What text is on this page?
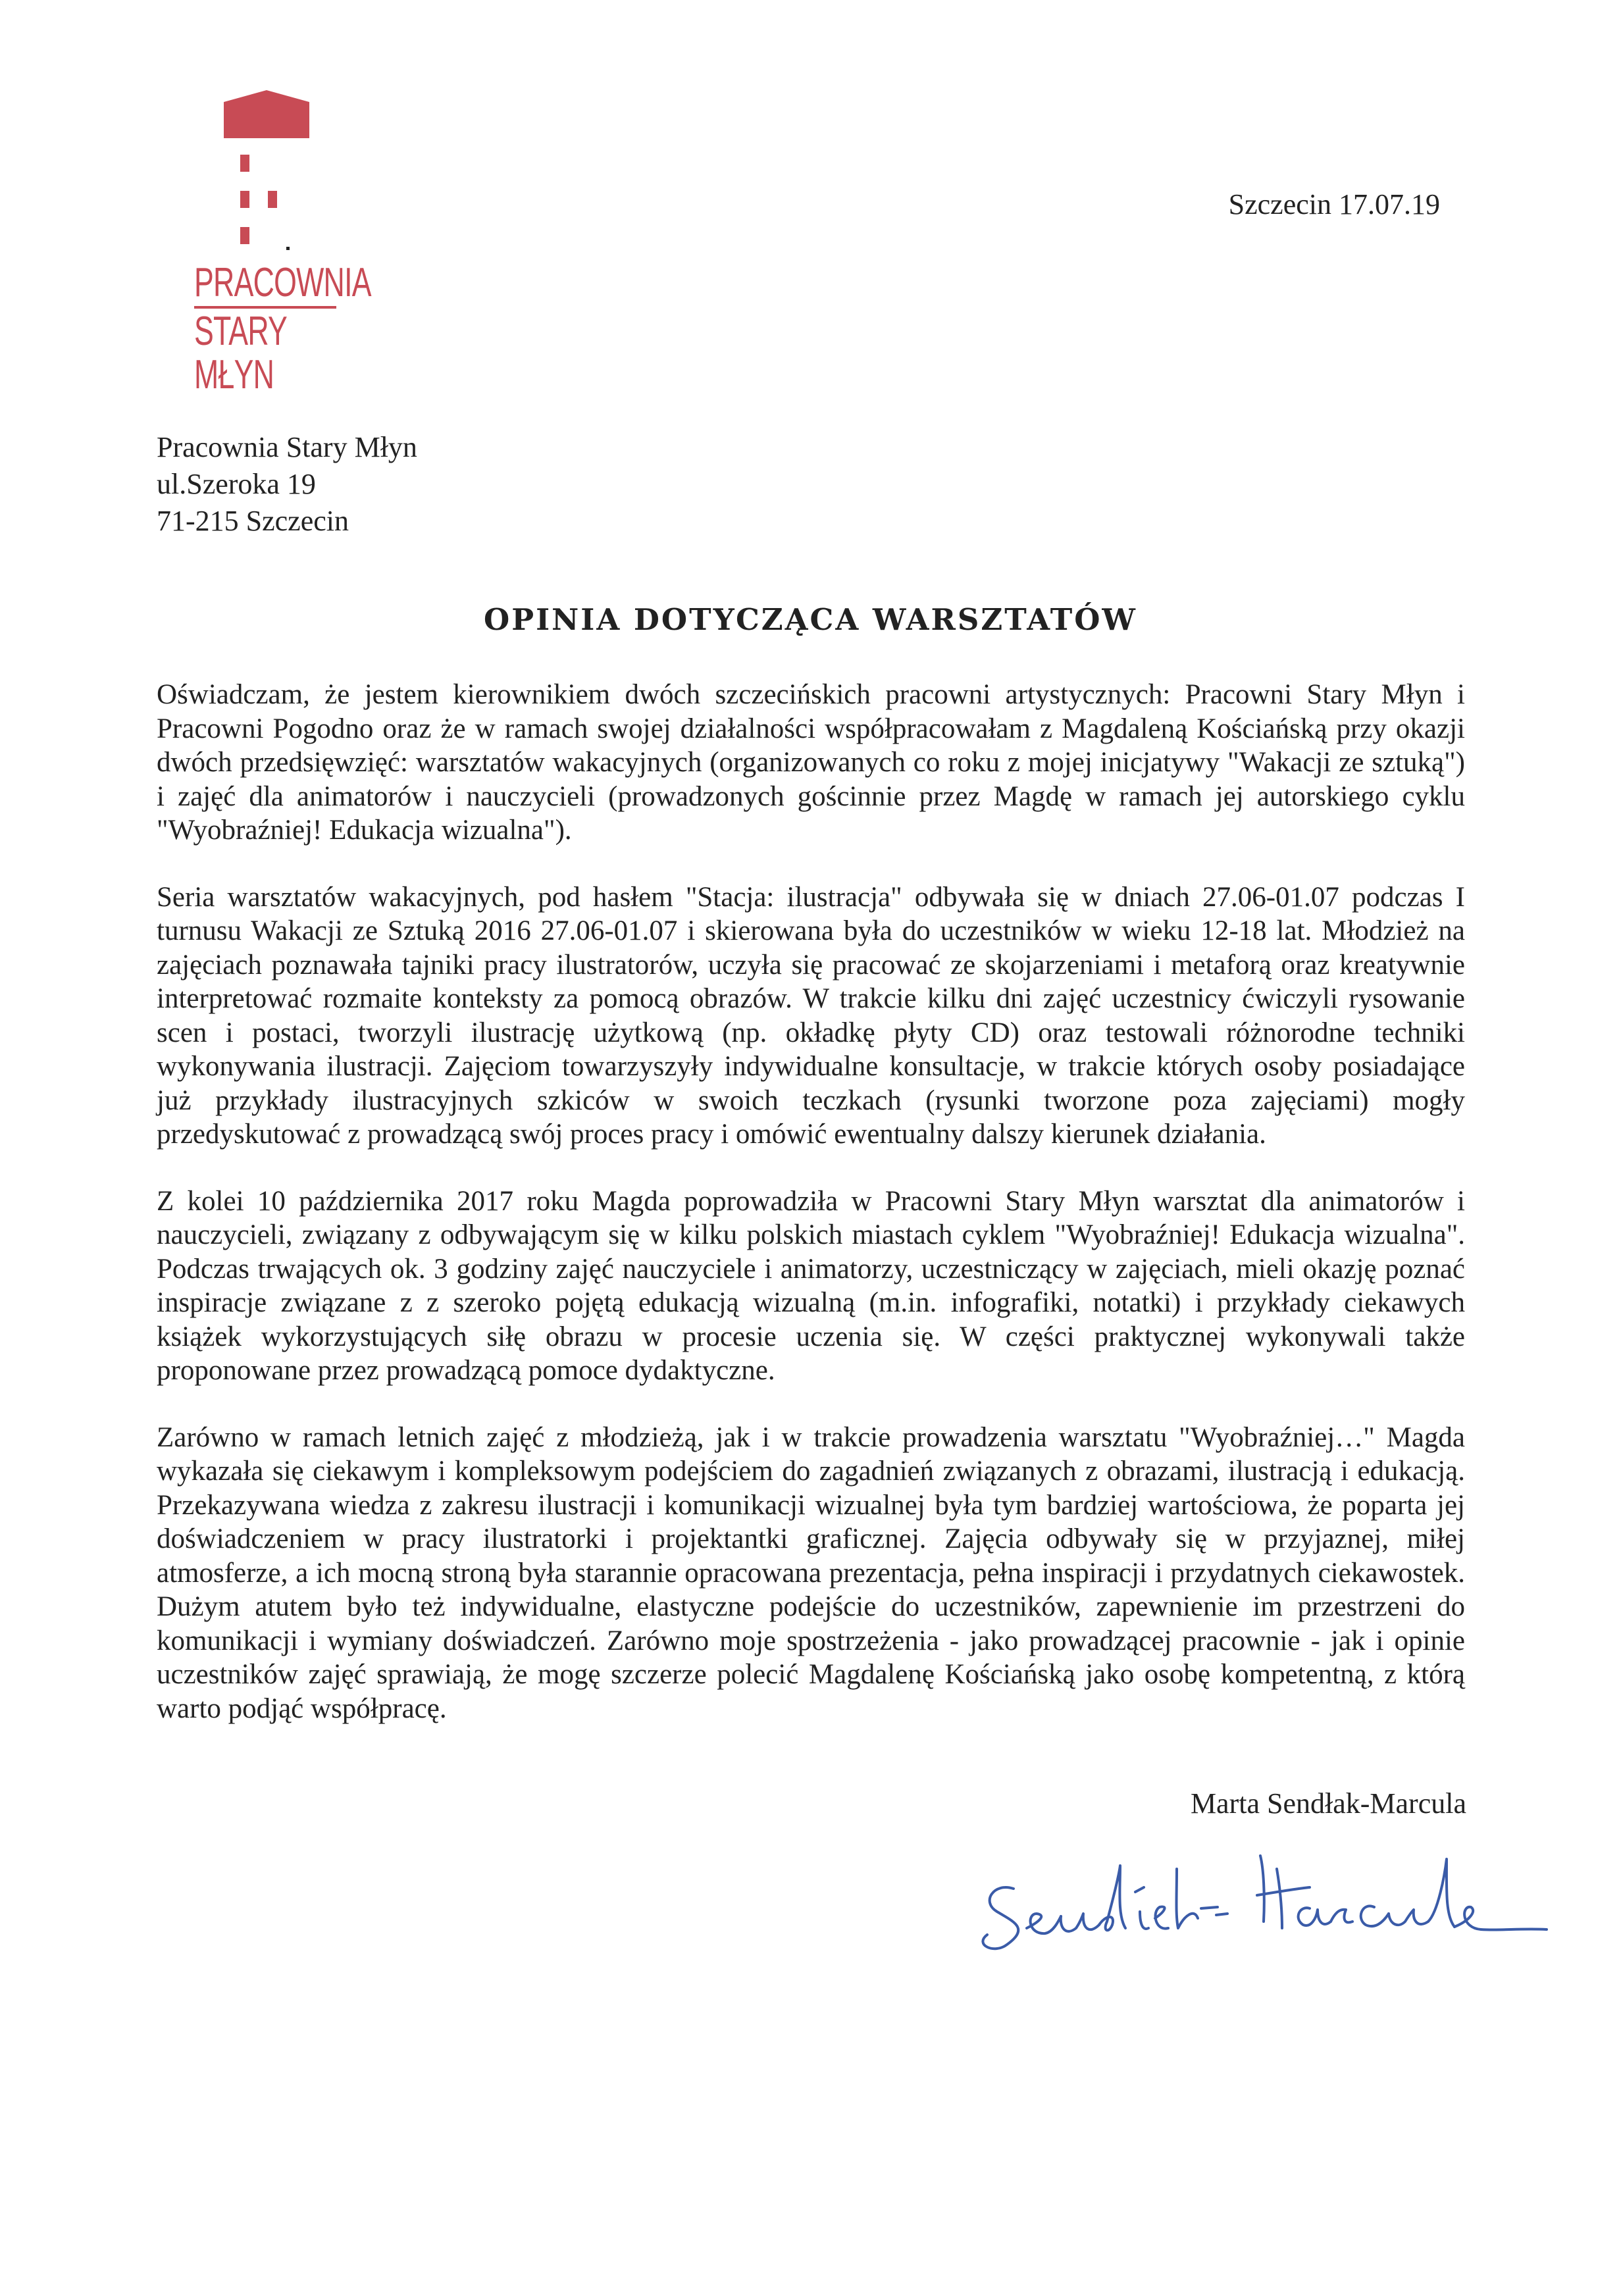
PRACOWNIA
STARY MŁYN
Szczecin 17.07.19
Pracownia Stary Młyn
ul.Szeroka 19
71-215 Szczecin
OPINIA DOTYCZĄCA WARSZTATÓW

Oświadczam, że jestem kierownikiem dwóch szczecińskich pracowni artystycznych: Pracowni Stary Młyn i Pracowni Pogodno oraz że w ramach swojej działalności współpracowałam z Magdaleną Kościańską przy okazji dwóch przedsięwzięć: warsztatów wakacyjnych (organizowanych co roku z mojej inicjatywy "Wakacji ze sztuką") i zajęć dla animatorów i nauczycieli (prowadzonych gościnnie przez Magdę w ramach jej autorskiego cyklu "Wyobraźniej! Edukacja wizualna").

Seria warsztatów wakacyjnych, pod hasłem "Stacja: ilustracja" odbywała się w dniach 27.06-01.07 podczas I turnusu Wakacji ze Sztuką 2016 27.06-01.07 i skierowana była do uczestników w wieku 12-18 lat. Młodzież na zajęciach poznawała tajniki pracy ilustratorów, uczyła się pracować ze skojarzeniami i metaforą oraz kreatywnie interpretować rozmaite konteksty za pomocą obrazów. W trakcie kilku dni zajęć uczestnicy ćwiczyli rysowanie scen i postaci, tworzyli ilustrację użytkową (np. okładkę płyty CD) oraz testowali różnorodne techniki wykonywania ilustracji. Zajęciom towarzyszyły indywidualne konsultacje, w trakcie których osoby posiadające już przykłady ilustracyjnych szkiców w swoich teczkach (rysunki tworzone poza zajęciami) mogły przedyskutować z prowadzącą swój proces pracy i omówić ewentualny dalszy kierunek działania.

Z kolei 10 października 2017 roku Magda poprowadziła w Pracowni Stary Młyn warsztat dla animatorów i nauczycieli, związany z odbywającym się w kilku polskich miastach cyklem "Wyobraźniej! Edukacja wizualna". Podczas trwających ok. 3 godziny zajęć nauczyciele i animatorzy, uczestniczący w zajęciach, mieli okazję poznać inspiracje związane z z szeroko pojętą edukacją wizualną (m.in. infografiki, notatki) i przykłady ciekawych książek wykorzystujących siłę obrazu w procesie uczenia się. W części praktycznej wykonywali także proponowane przez prowadzącą pomoce dydaktyczne.

Zarówno w ramach letnich zajęć z młodzieżą, jak i w trakcie prowadzenia warsztatu "Wyobraźniej…" Magda wykazała się ciekawym i kompleksowym podejściem do zagadnień związanych z obrazami, ilustracją i edukacją. Przekazywana wiedza z zakresu ilustracji i komunikacji wizualnej była tym bardziej wartościowa, że poparta jej doświadczeniem w pracy ilustratorki i projektantki graficznej. Zajęcia odbywały się w przyjaznej, miłej atmosferze, a ich mocną stroną była starannie opracowana prezentacja, pełna inspiracji i przydatnych ciekawostek. Dużym atutem było też indywidualne, elastyczne podejście do uczestników, zapewnienie im przestrzeni do komunikacji i wymiany doświadczeń. Zarówno moje spostrzeżenia - jako prowadzącej pracownie - jak i opinie uczestników zajęć sprawiają, że mogę szczerze polecić Magdalenę Kościańską jako osobę kompetentną, z którą warto podjąć współpracę.

Marta Sendłak-Marcula
